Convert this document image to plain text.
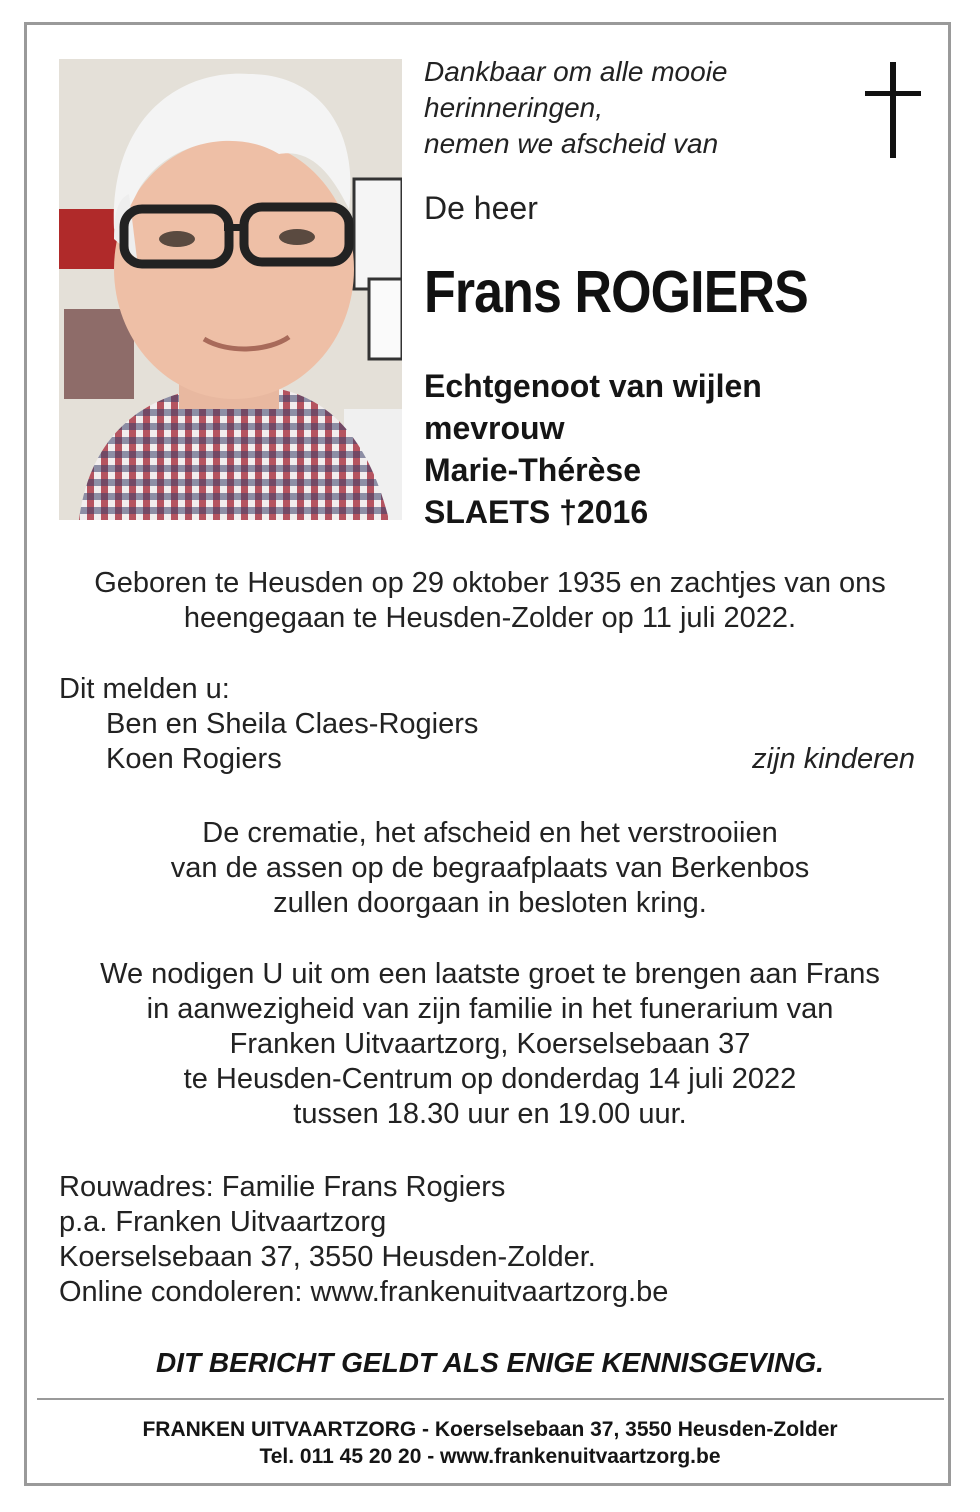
Dankbaar om alle mooie
herinneringen,
nemen we afscheid van
De heer
Frans ROGIERS
Echtgenoot van wijlen
mevrouw
Marie-Thérèse
SLAETS †2016
Geboren te Heusden op 29 oktober 1935 en zachtjes van ons
heengegaan te Heusden-Zolder op 11 juli 2022.
Dit melden u:
Ben en Sheila Claes-Rogiers
Koen Rogiers	zijn kinderen
De crematie, het afscheid en het verstrooiien
van de assen op de begraafplaats van Berkenbos
zullen doorgaan in besloten kring.
We nodigen U uit om een laatste groet te brengen aan Frans
in aanwezigheid van zijn familie in het funerarium van
Franken Uitvaartzorg, Koerselsebaan 37
te Heusden-Centrum op donderdag 14 juli 2022
tussen 18.30 uur en 19.00 uur.
Rouwadres: Familie Frans Rogiers
p.a. Franken Uitvaartzorg
Koerselsebaan 37, 3550 Heusden-Zolder.
Online condoleren: www.frankenuitvaartzorg.be
DIT BERICHT GELDT ALS ENIGE KENNISGEVING.
FRANKEN UITVAARTZORG - Koerselsebaan 37, 3550 Heusden-Zolder
Tel. 011 45 20 20 - www.frankenuitvaartzorg.be
